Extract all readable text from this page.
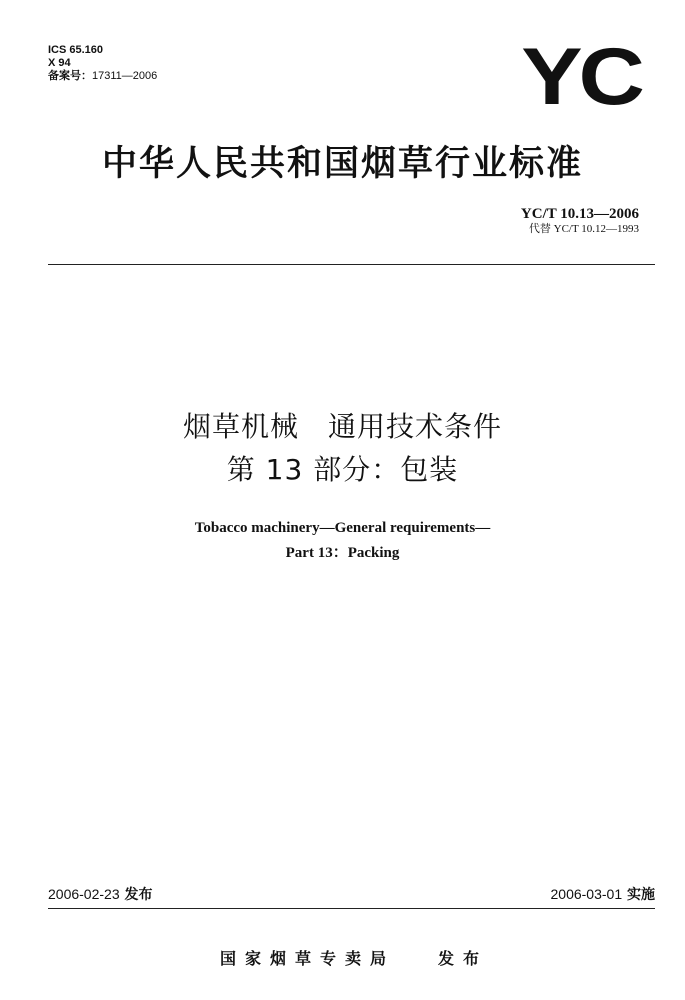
ICS 65.160
X 94
备案号：17311—2006	YC
中华人民共和国烟草行业标准
YC/T 10.13—2006
代替 YC/T 10.12—1993
烟草机械　通用技术条件
第 13 部分：包装
Tobacco machinery—General requirements—
Part 13：Packing
2006-02-23 发布	2006-03-01 实施
国家烟草专卖局	发布
